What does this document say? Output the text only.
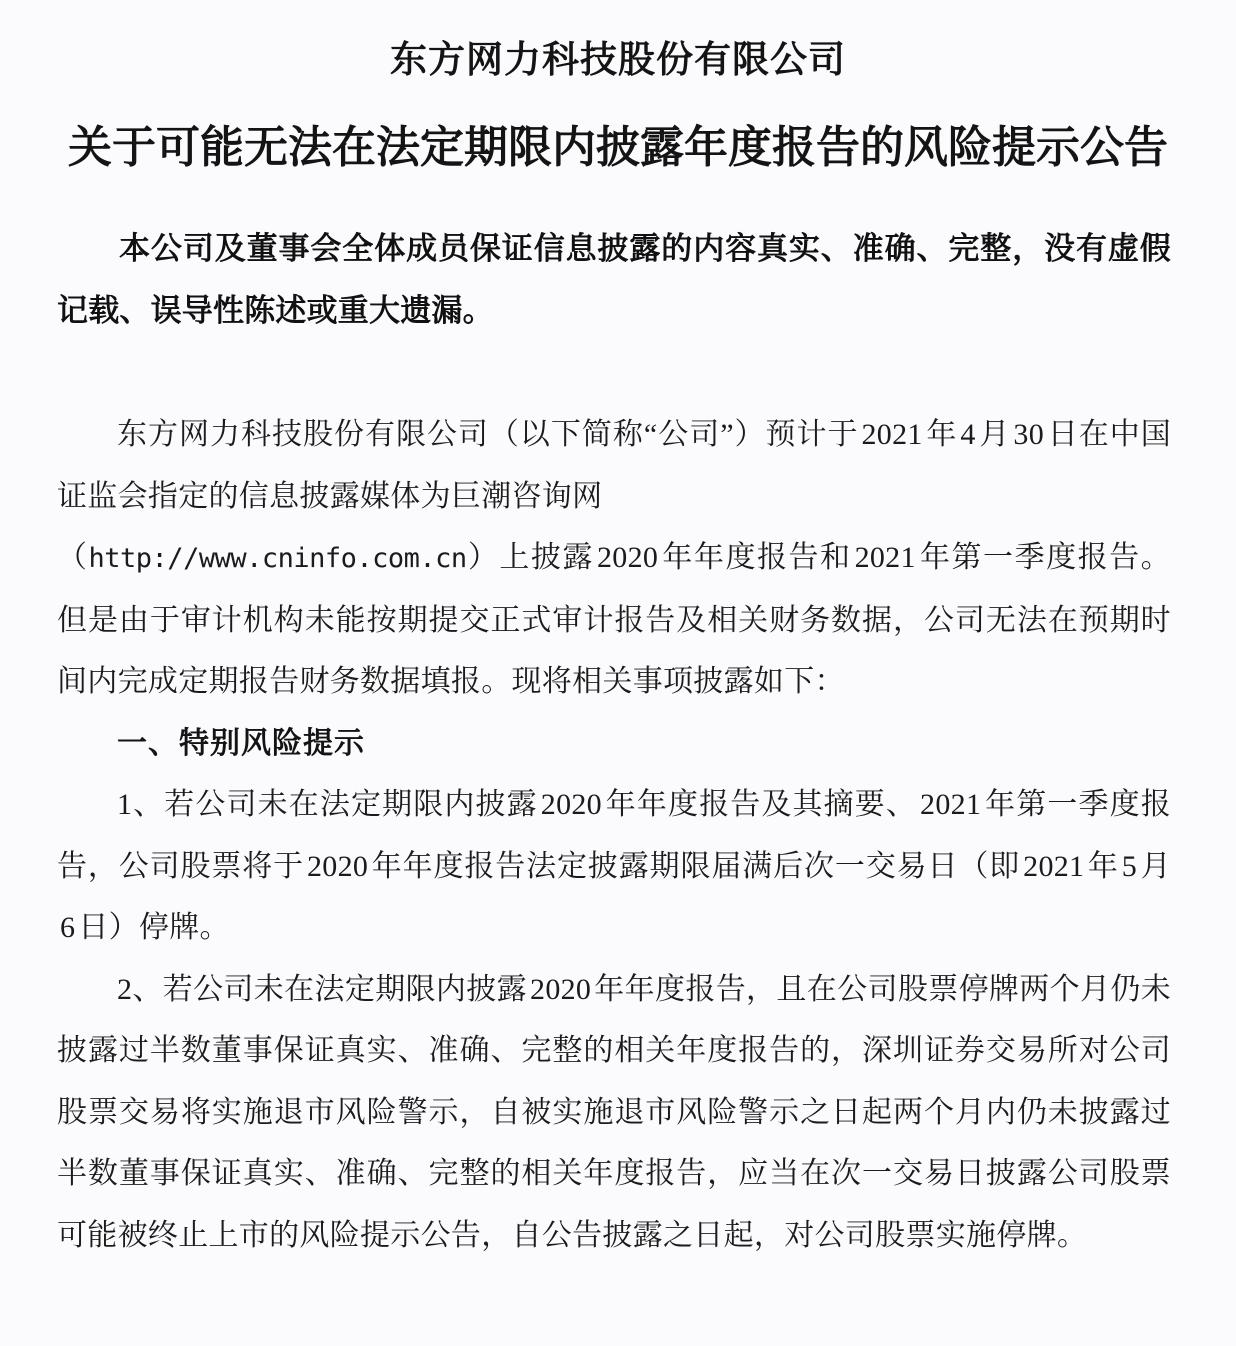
东方网力科技股份有限公司
关于可能无法在法定期限内披露年度报告的风险提示公告
本公司及董事会全体成员保证信息披露的内容真实、准确、完整，没有虚假记载、误导性陈述或重大遗漏。

东方网力科技股份有限公司（以下简称“公司”）预计于 2021 年 4 月 30 日在中国证监会指定的信息披露媒体为巨潮咨询网

（http://www.cninfo.com.cn）上披露 2020 年年度报告和 2021 年第一季度报告。但是由于审计机构未能按期提交正式审计报告及相关财务数据，公司无法在预期时间内完成定期报告财务数据填报。现将相关事项披露如下：

一、特别风险提示

1、若公司未在法定期限内披露 2020 年年度报告及其摘要、 2021 年第一季度报告，公司股票将于 2020 年年度报告法定披露期限届满后次一交易日（即 2021 年 5 月6 日）停牌。

2、若公司未在法定期限内披露 2020 年年度报告，且在公司股票停牌两个月仍未披露过半数董事保证真实、准确、完整的相关年度报告的，深圳证券交易所对公司股票交易将实施退市风险警示，自被实施退市风险警示之日起两个月内仍未披露过半数董事保证真实、准确、完整的相关年度报告，应当在次一交易日披露公司股票可能被终止上市的风险提示公告，自公告披露之日起，对公司股票实施停牌。
